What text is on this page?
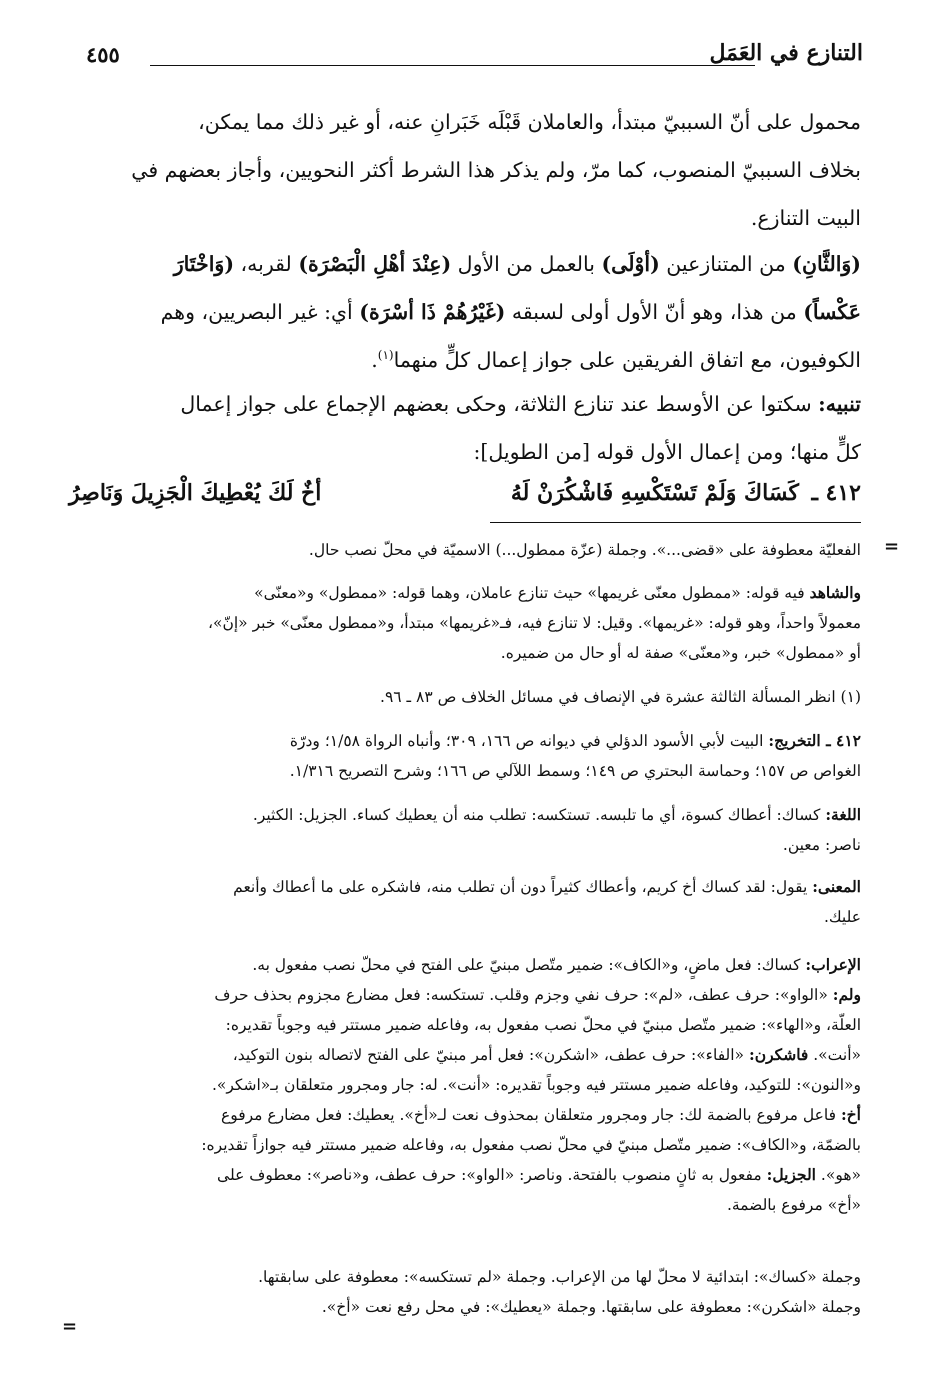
التنازع في العَمَل
٤٥٥
محمول على أنّ السببيّ مبتدأ، والعاملان قَبْلَه خَبَرانِ عنه، أو غير ذلك مما يمكن،
بخلاف السببيّ المنصوب، كما مرّ، ولم يذكر هذا الشرط أكثر النحويين، وأجاز بعضهم في
البيت التنازع.
(وَالثَّانِ) من المتنازعين (أوْلَى) بالعمل من الأول (عِنْدَ أهْلِ الْبَصْرَة) لقربه، (وَاخْتَارَ
عَكْساً) من هذا، وهو أنّ الأول أولى لسبقه (غَيْرُهُمْ ذَا أسْرَة) أي: غير البصريين، وهم
الكوفيون، مع اتفاق الفريقين على جواز إعمال كلٍّ منهما$^{(١)}$.
تنبيه: سكتوا عن الأوسط عند تنازع الثلاثة، وحكى بعضهم الإجماع على جواز إعمال
كلٍّ منها؛ ومن إعمال الأول قوله [من الطويل]:
٤١٢ ـ
كَسَاكَ وَلَمْ تَسْتَكْسِهِ فَاشْكُرَنْ لَهُ
أخٌ لَكَ يُعْطِيكَ الْجَزِيلَ وَنَاصِرُ
=
=
الفعليّة معطوفة على «قضى...». وجملة (عزّة ممطول...) الاسميّة في محلّ نصب حال.
والشاهد فيه قوله: «ممطول معنّى غريمها» حيث تنازع عاملان، وهما قوله: «ممطول» و«معنّى»
معمولاً واحداً، وهو قوله: «غريمها». وقيل: لا تنازع فيه، فـ«غريمها» مبتدأ، و«ممطول معنّى» خبر «إنّ»،
أو «ممطول» خبر، و«معنّى» صفة له أو حال من ضميره.
(١) انظر المسألة الثالثة عشرة في الإنصاف في مسائل الخلاف ص ٨٣ ـ ٩٦.
٤١٢ ـ التخريج: البيت لأبي الأسود الدؤلي في ديوانه ص ١٦٦، ٣٠٩؛ وأنباه الرواة ١/٥٨؛ ودرّة
الغواص ص ١٥٧؛ وحماسة البحتري ص ١٤٩؛ وسمط اللآلي ص ١٦٦؛ وشرح التصريح ١/٣١٦.
اللغة: كساك: أعطاك كسوة، أي ما تلبسه. تستكسه: تطلب منه أن يعطيك كساء. الجزيل: الكثير.
ناصر: معين.
المعنى: يقول: لقد كساك أخ كريم، وأعطاك كثيراً دون أن تطلب منه، فاشكره على ما أعطاك وأنعم
عليك.
الإعراب: كساك: فعل ماضٍ، و«الكاف»: ضمير متّصل مبنيّ على الفتح في محلّ نصب مفعول به.
ولم: «الواو»: حرف عطف، «لم»: حرف نفي وجزم وقلب. تستكسه: فعل مضارع مجزوم بحذف حرف
العلّة، و«الهاء»: ضمير متّصل مبنيّ في محلّ نصب مفعول به، وفاعله ضمير مستتر فيه وجوباً تقديره:
«أنت». فاشكرن: «الفاء»: حرف عطف، «اشكرن»: فعل أمر مبنيّ على الفتح لاتصاله بنون التوكيد،
و«النون»: للتوكيد، وفاعله ضمير مستتر فيه وجوباً تقديره: «أنت». له: جار ومجرور متعلقان بـ«اشكر».
أخ: فاعل مرفوع بالضمة لك: جار ومجرور متعلقان بمحذوف نعت لـ«أخ». يعطيك: فعل مضارع مرفوع
بالضمّة، و«الكاف»: ضمير متّصل مبنيّ في محلّ نصب مفعول به، وفاعله ضمير مستتر فيه جوازاً تقديره:
«هو». الجزيل: مفعول به ثانٍ منصوب بالفتحة. وناصر: «الواو»: حرف عطف، و«ناصر»: معطوف على
«أخ» مرفوع بالضمة.
وجملة «كساك»: ابتدائية لا محلّ لها من الإعراب. وجملة «لم تستكسه»: معطوفة على سابقتها.
وجملة «اشكرن»: معطوفة على سابقتها. وجملة «يعطيك»: في محل رفع نعت «أخ».
